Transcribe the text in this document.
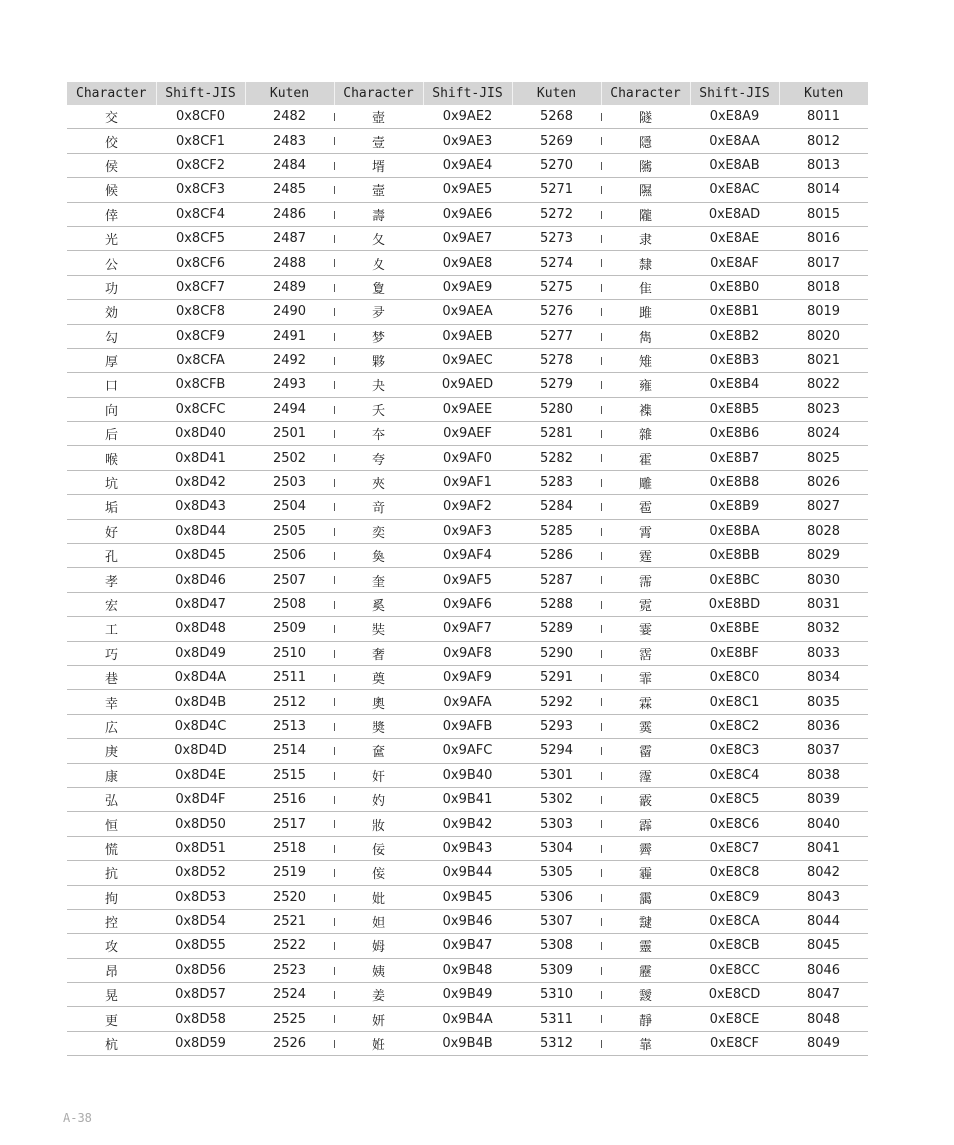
Character	Shift-JIS	Kuten	Character	Shift-JIS	Kuten	Character	Shift-JIS	Kuten
交	0x8CF0	2482	壺	0x9AE2	5268	隧	0xE8A9	8011
佼	0x8CF1	2483	壹	0x9AE3	5269	隱	0xE8AA	8012
侯	0x8CF2	2484	壻	0x9AE4	5270	隲	0xE8AB	8013
候	0x8CF3	2485	壼	0x9AE5	5271	隰	0xE8AC	8014
倖	0x8CF4	2486	壽	0x9AE6	5272	隴	0xE8AD	8015
光	0x8CF5	2487	夂	0x9AE7	5273	隶	0xE8AE	8016
公	0x8CF6	2488	夊	0x9AE8	5274	隸	0xE8AF	8017
功	0x8CF7	2489	夐	0x9AE9	5275	隹	0xE8B0	8018
効	0x8CF8	2490	夛	0x9AEA	5276	雎	0xE8B1	8019
勾	0x8CF9	2491	梦	0x9AEB	5277	雋	0xE8B2	8020
厚	0x8CFA	2492	夥	0x9AEC	5278	雉	0xE8B3	8021
口	0x8CFB	2493	夬	0x9AED	5279	雍	0xE8B4	8022
向	0x8CFC	2494	夭	0x9AEE	5280	襍	0xE8B5	8023
后	0x8D40	2501	夲	0x9AEF	5281	雜	0xE8B6	8024
喉	0x8D41	2502	夸	0x9AF0	5282	霍	0xE8B7	8025
坑	0x8D42	2503	夾	0x9AF1	5283	雕	0xE8B8	8026
垢	0x8D43	2504	竒	0x9AF2	5284	雹	0xE8B9	8027
好	0x8D44	2505	奕	0x9AF3	5285	霄	0xE8BA	8028
孔	0x8D45	2506	奐	0x9AF4	5286	霆	0xE8BB	8029
孝	0x8D46	2507	奎	0x9AF5	5287	霈	0xE8BC	8030
宏	0x8D47	2508	奚	0x9AF6	5288	霓	0xE8BD	8031
工	0x8D48	2509	奘	0x9AF7	5289	霎	0xE8BE	8032
巧	0x8D49	2510	奢	0x9AF8	5290	霑	0xE8BF	8033
巷	0x8D4A	2511	奠	0x9AF9	5291	霏	0xE8C0	8034
幸	0x8D4B	2512	奧	0x9AFA	5292	霖	0xE8C1	8035
広	0x8D4C	2513	奬	0x9AFB	5293	霙	0xE8C2	8036
庚	0x8D4D	2514	奩	0x9AFC	5294	霤	0xE8C3	8037
康	0x8D4E	2515	奸	0x9B40	5301	霪	0xE8C4	8038
弘	0x8D4F	2516	妁	0x9B41	5302	霰	0xE8C5	8039
恒	0x8D50	2517	妝	0x9B42	5303	霹	0xE8C6	8040
慌	0x8D51	2518	佞	0x9B43	5304	霽	0xE8C7	8041
抗	0x8D52	2519	侫	0x9B44	5305	霾	0xE8C8	8042
拘	0x8D53	2520	妣	0x9B45	5306	靄	0xE8C9	8043
控	0x8D54	2521	妲	0x9B46	5307	靆	0xE8CA	8044
攻	0x8D55	2522	姆	0x9B47	5308	靈	0xE8CB	8045
昂	0x8D56	2523	姨	0x9B48	5309	靂	0xE8CC	8046
晃	0x8D57	2524	姜	0x9B49	5310	靉	0xE8CD	8047
更	0x8D58	2525	妍	0x9B4A	5311	靜	0xE8CE	8048
杭	0x8D59	2526	姙	0x9B4B	5312	靠	0xE8CF	8049
A-38
